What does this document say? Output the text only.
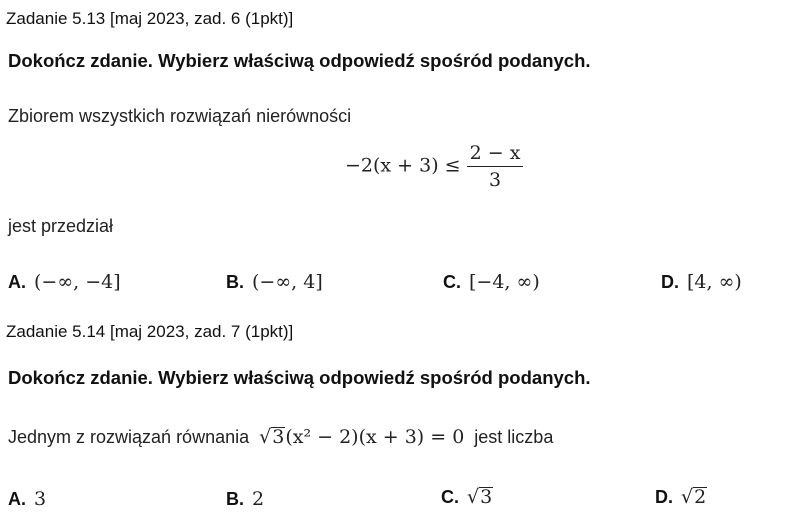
Zadanie 5.13 [maj 2023, zad. 6 (1pkt)]
Dokończ zdanie. Wybierz właściwą odpowiedź spośród podanych.
Zbiorem wszystkich rozwiązań nierówności
$-2(x + 3) \le \frac{2 - x}{3}$
jest przedział
A. (−∞, −4]	B. (−∞, 4]	C. [−4, ∞)	D. [4, ∞)
Zadanie 5.14 [maj 2023, zad. 7 (1pkt)]
Dokończ zdanie. Wybierz właściwą odpowiedź spośród podanych.
Jednym z rozwiązań równania √3(x² − 2)(x + 3) = 0 jest liczba
A. 3	B. 2	C. √3	D. √2
